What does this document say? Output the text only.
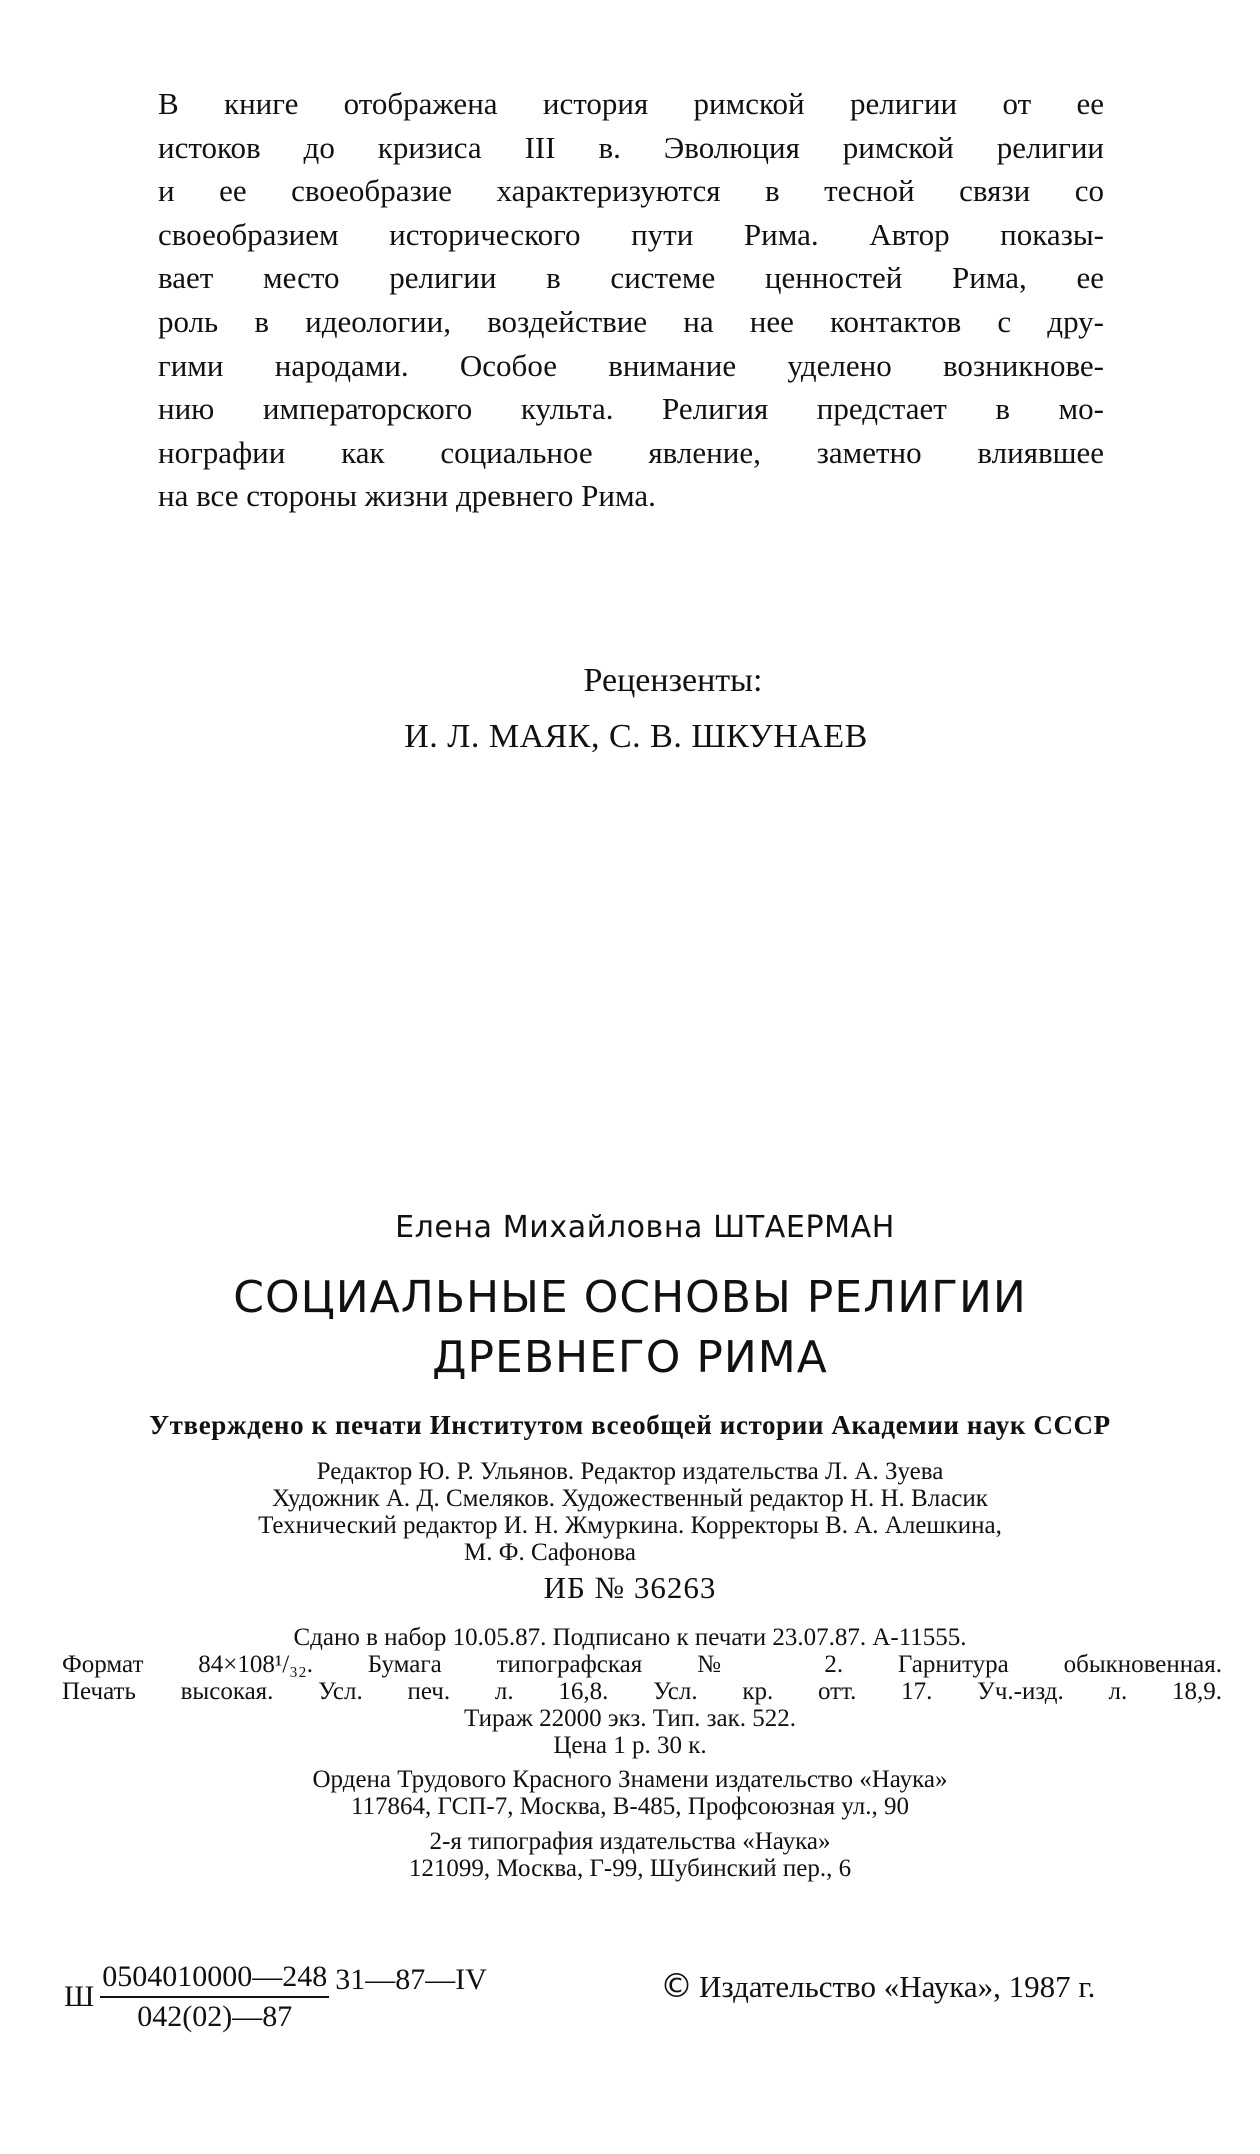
В книге отображена история римской религии от ее
истоков до кризиса III в. Эволюция римской религии
и ее своеобразие характеризуются в тесной связи со
своеобразием исторического пути Рима. Автор показы-
вает место религии в системе ценностей Рима, ее
роль в идеологии, воздействие на нее контактов с дру-
гими народами. Особое внимание уделено возникнове-
нию императорского культа. Религия предстает в мо-
нографии как социальное явление, заметно влиявшее
на все стороны жизни древнего Рима.
Рецензенты:
И. Л. МАЯК, С. В. ШКУНАЕВ
Елена Михайловна ШТАЕРМАН
СОЦИАЛЬНЫЕ ОСНОВЫ РЕЛИГИИ
ДРЕВНЕГО РИМА
Утверждено к печати Институтом всеобщей истории Академии наук СССР
Редактор Ю. Р. Ульянов. Редактор издательства Л. А. Зуева
Художник А. Д. Смеляков. Художественный редактор Н. Н. Власик
Технический редактор И. Н. Жмуркина. Корректоры В. А. Алешкина,
М. Ф. Сафонова
ИБ № 36263
Сдано в набор 10.05.87. Подписано к печати 23.07.87. А-11555.
Формат 84×108¹/₃₂. Бумага типографская № 2. Гарнитура обыкновенная.
Печать высокая. Усл. печ. л. 16,8. Усл. кр. отт. 17. Уч.-изд. л. 18,9.
Тираж 22000 экз. Тип. зак. 522.
Цена 1 р. 30 к.
Ордена Трудового Красного Знамени издательство «Наука»
117864, ГСП-7, Москва, В-485, Профсоюзная ул., 90
2-я типография издательства «Наука»
121099, Москва, Г-99, Шубинский пер., 6
Ш $\frac{0504010000—248}{042(02)—87}$ 31—87—IV	© Издательство «Наука», 1987 г.
